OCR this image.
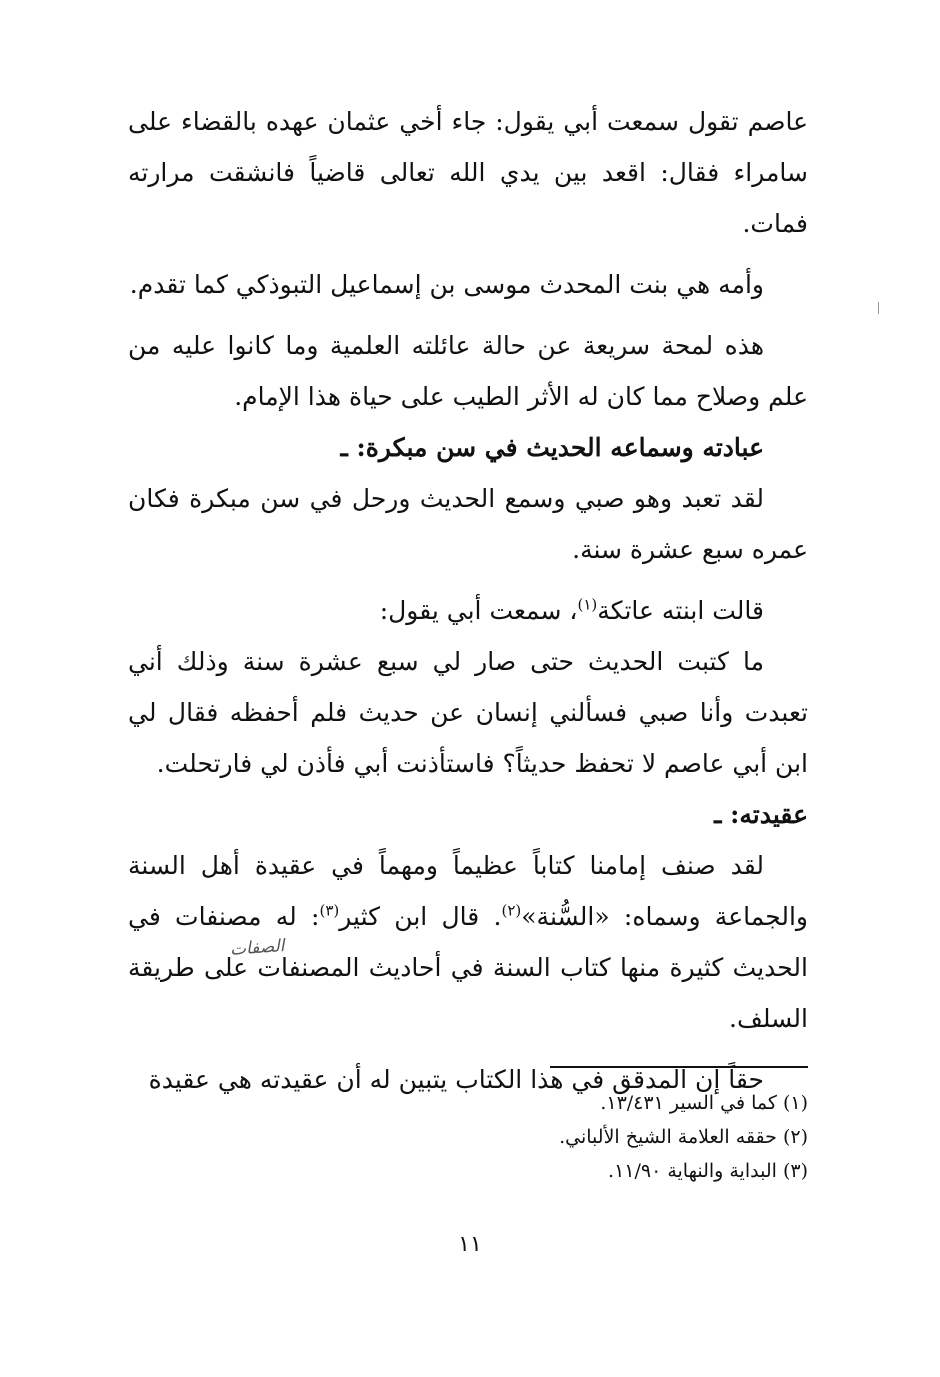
عاصم تقول سمعت أبي يقول: جاء أخي عثمان عهده بالقضاء على سامراء فقال: اقعد بين يدي الله تعالى قاضياً فانشقت مرارته فمات.

وأمه هي بنت المحدث موسى بن إسماعيل التبوذكي كما تقدم.

هذه لمحة سريعة عن حالة عائلته العلمية وما كانوا عليه من علم وصلاح مما كان له الأثر الطيب على حياة هذا الإمام.

عبادته وسماعه الحديث في سن مبكرة: ـ

لقد تعبد وهو صبي وسمع الحديث ورحل في سن مبكرة فكان عمره سبع عشرة سنة.

قالت ابنته عاتكة$^{(١)}$، سمعت أبي يقول:

ما كتبت الحديث حتى صار لي سبع عشرة سنة وذلك أني تعبدت وأنا صبي فسألني إنسان عن حديث فلم أحفظه فقال لي ابن أبي عاصم لا تحفظ حديثاً؟ فاستأذنت أبي فأذن لي فارتحلت.

عقيدته: ـ

لقد صنف إمامنا كتاباً عظيماً ومهماً في عقيدة أهل السنة والجماعة وسماه: «السُّنة»$^{(٢)}$. قال ابن كثير$^{(٣)}$: له مصنفات في الحديث كثيرة منها كتاب السنة في أحاديث المصنفات على طريقة السلف.

حقاً إن المدقق في هذا الكتاب يتبين له أن عقيدته هي عقيدة

الصفات

(١) كما في السير ١٣/٤٣١.

(٢) حققه العلامة الشيخ الألباني.

(٣) البداية والنهاية ١١/٩٠.

١١
